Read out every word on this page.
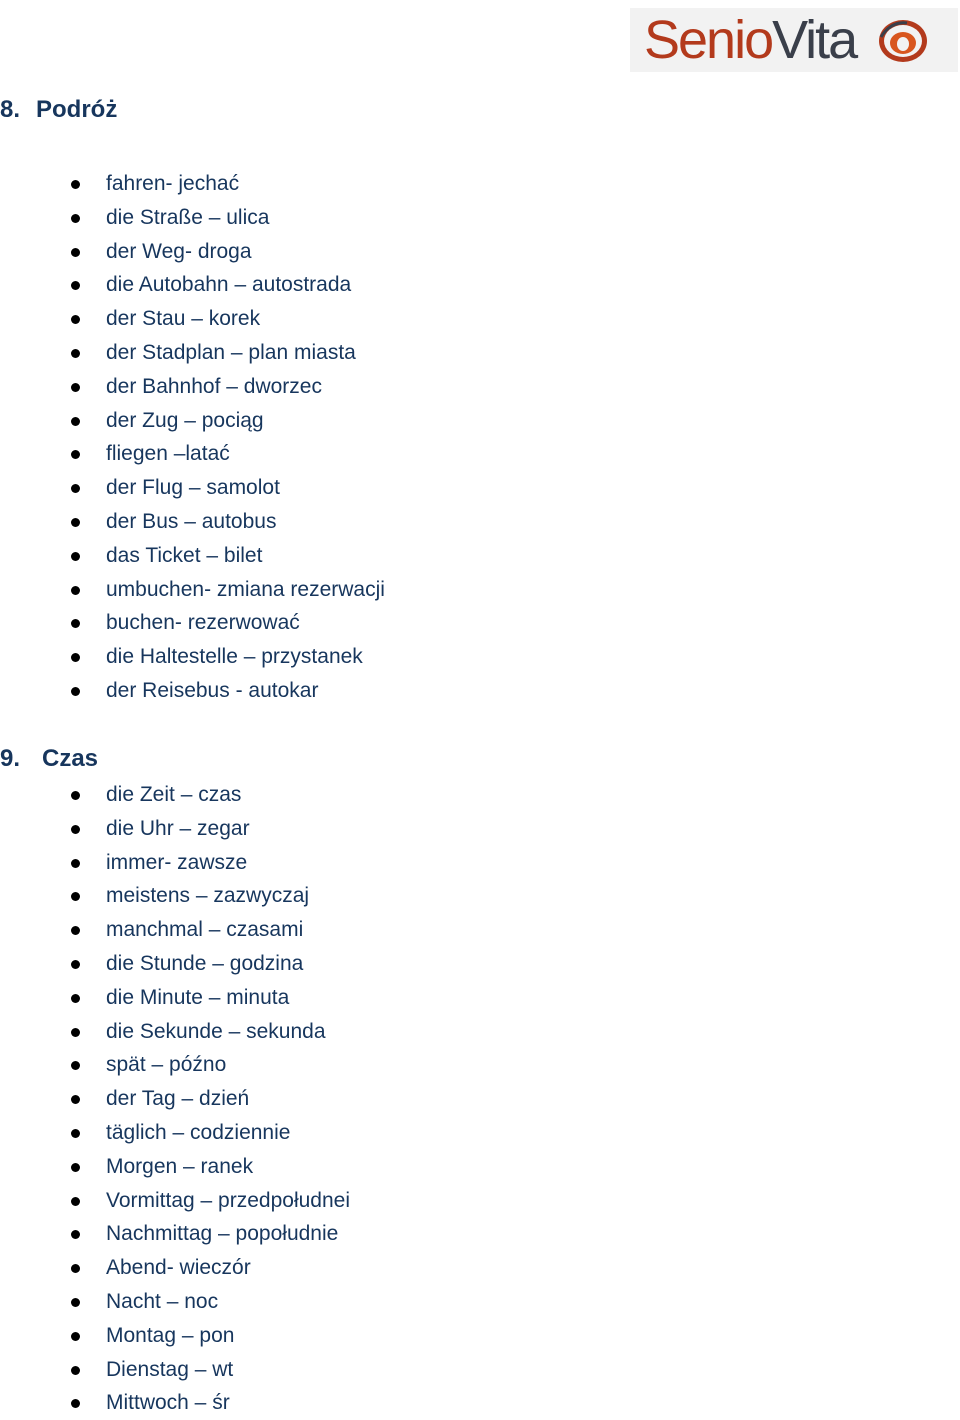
SenioVita
8. Podróż
fahren- jechać
die Straße – ulica
der Weg- droga
die Autobahn – autostrada
der Stau – korek
der Stadplan – plan miasta
der Bahnhof – dworzec
der Zug – pociąg
fliegen –latać
der Flug – samolot
der Bus – autobus
das Ticket – bilet
umbuchen- zmiana rezerwacji
buchen- rezerwować
die Haltestelle – przystanek
der Reisebus - autokar
9. Czas
die Zeit – czas
die Uhr – zegar
immer- zawsze
meistens – zazwyczaj
manchmal – czasami
die Stunde – godzina
die Minute – minuta
die Sekunde – sekunda
spät – późno
der Tag – dzień
täglich – codziennie
Morgen – ranek
Vormittag – przedpołudnei
Nachmittag – popołudnie
Abend- wieczór
Nacht – noc
Montag – pon
Dienstag – wt
Mittwoch – śr
